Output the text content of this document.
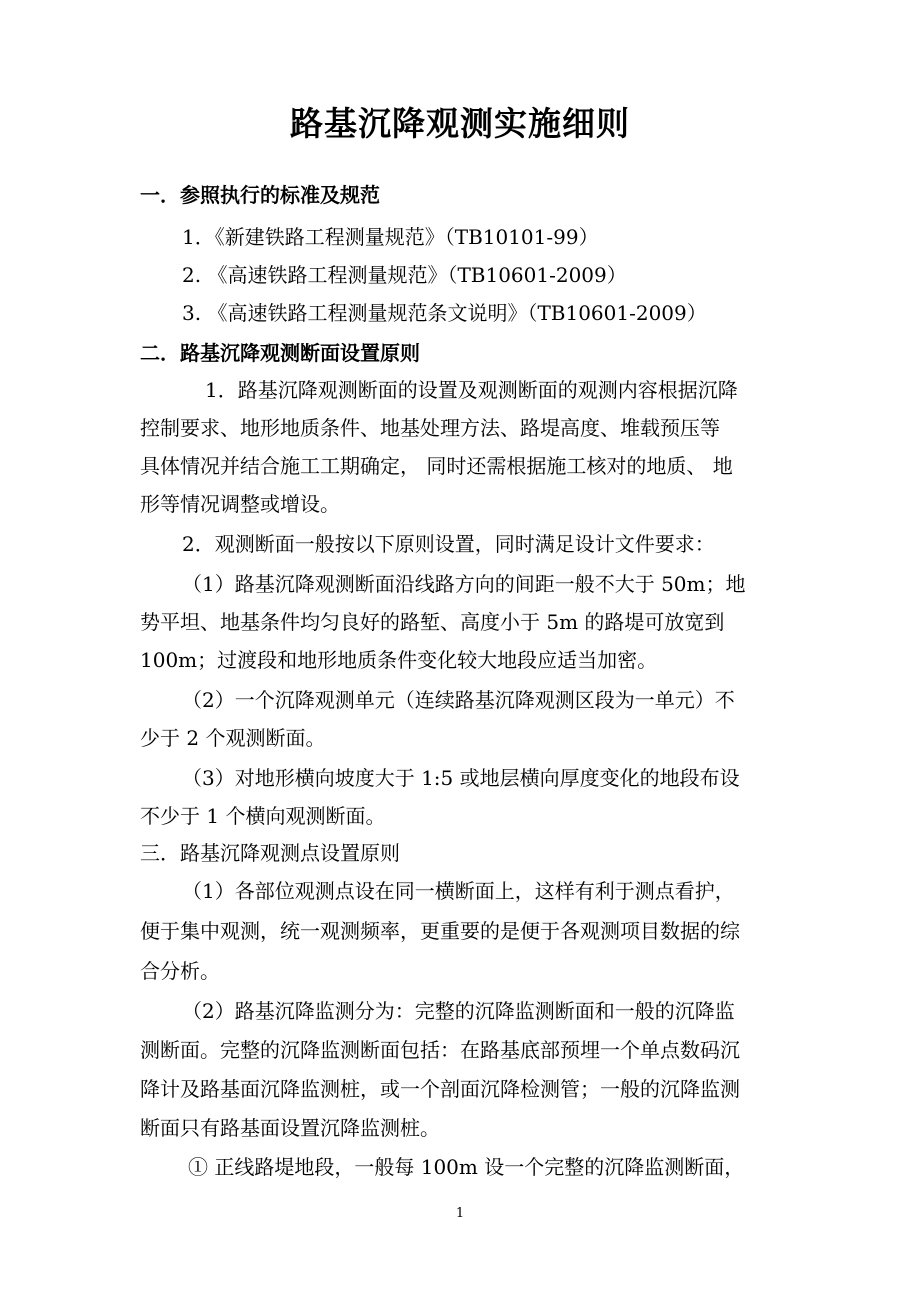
路基沉降观测实施细则
一．参照执行的标准及规范
1．《新建铁路工程测量规范》（TB10101-99）
2. 《高速铁路工程测量规范》（TB10601-2009）
3. 《高速铁路工程测量规范条文说明》（TB10601-2009）
二．路基沉降观测断面设置原则
1．路基沉降观测断面的设置及观测断面的观测内容根据沉降
控制要求、地形地质条件、地基处理方法、路堤高度、堆载预压等
具体情况并结合施工工期确定， 同时还需根据施工核对的地质、 地
形等情况调整或增设。
2．观测断面一般按以下原则设置，同时满足设计文件要求：
（1）路基沉降观测断面沿线路方向的间距一般不大于 50m；地
势平坦、地基条件均匀良好的路堑、高度小于 5m 的路堤可放宽到
100m；过渡段和地形地质条件变化较大地段应适当加密。
（2）一个沉降观测单元（连续路基沉降观测区段为一单元）不
少于 2 个观测断面。
（3）对地形横向坡度大于 1:5 或地层横向厚度变化的地段布设
不少于 1 个横向观测断面。
三．路基沉降观测点设置原则
（1）各部位观测点设在同一横断面上，这样有利于测点看护，
便于集中观测，统一观测频率，更重要的是便于各观测项目数据的综
合分析。
（2）路基沉降监测分为：完整的沉降监测断面和一般的沉降监
测断面。完整的沉降监测断面包括：在路基底部预埋一个单点数码沉
降计及路基面沉降监测桩，或一个剖面沉降检测管；一般的沉降监测
断面只有路基面设置沉降监测桩。
① 正线路堤地段，一般每 100m 设一个完整的沉降监测断面，
1
